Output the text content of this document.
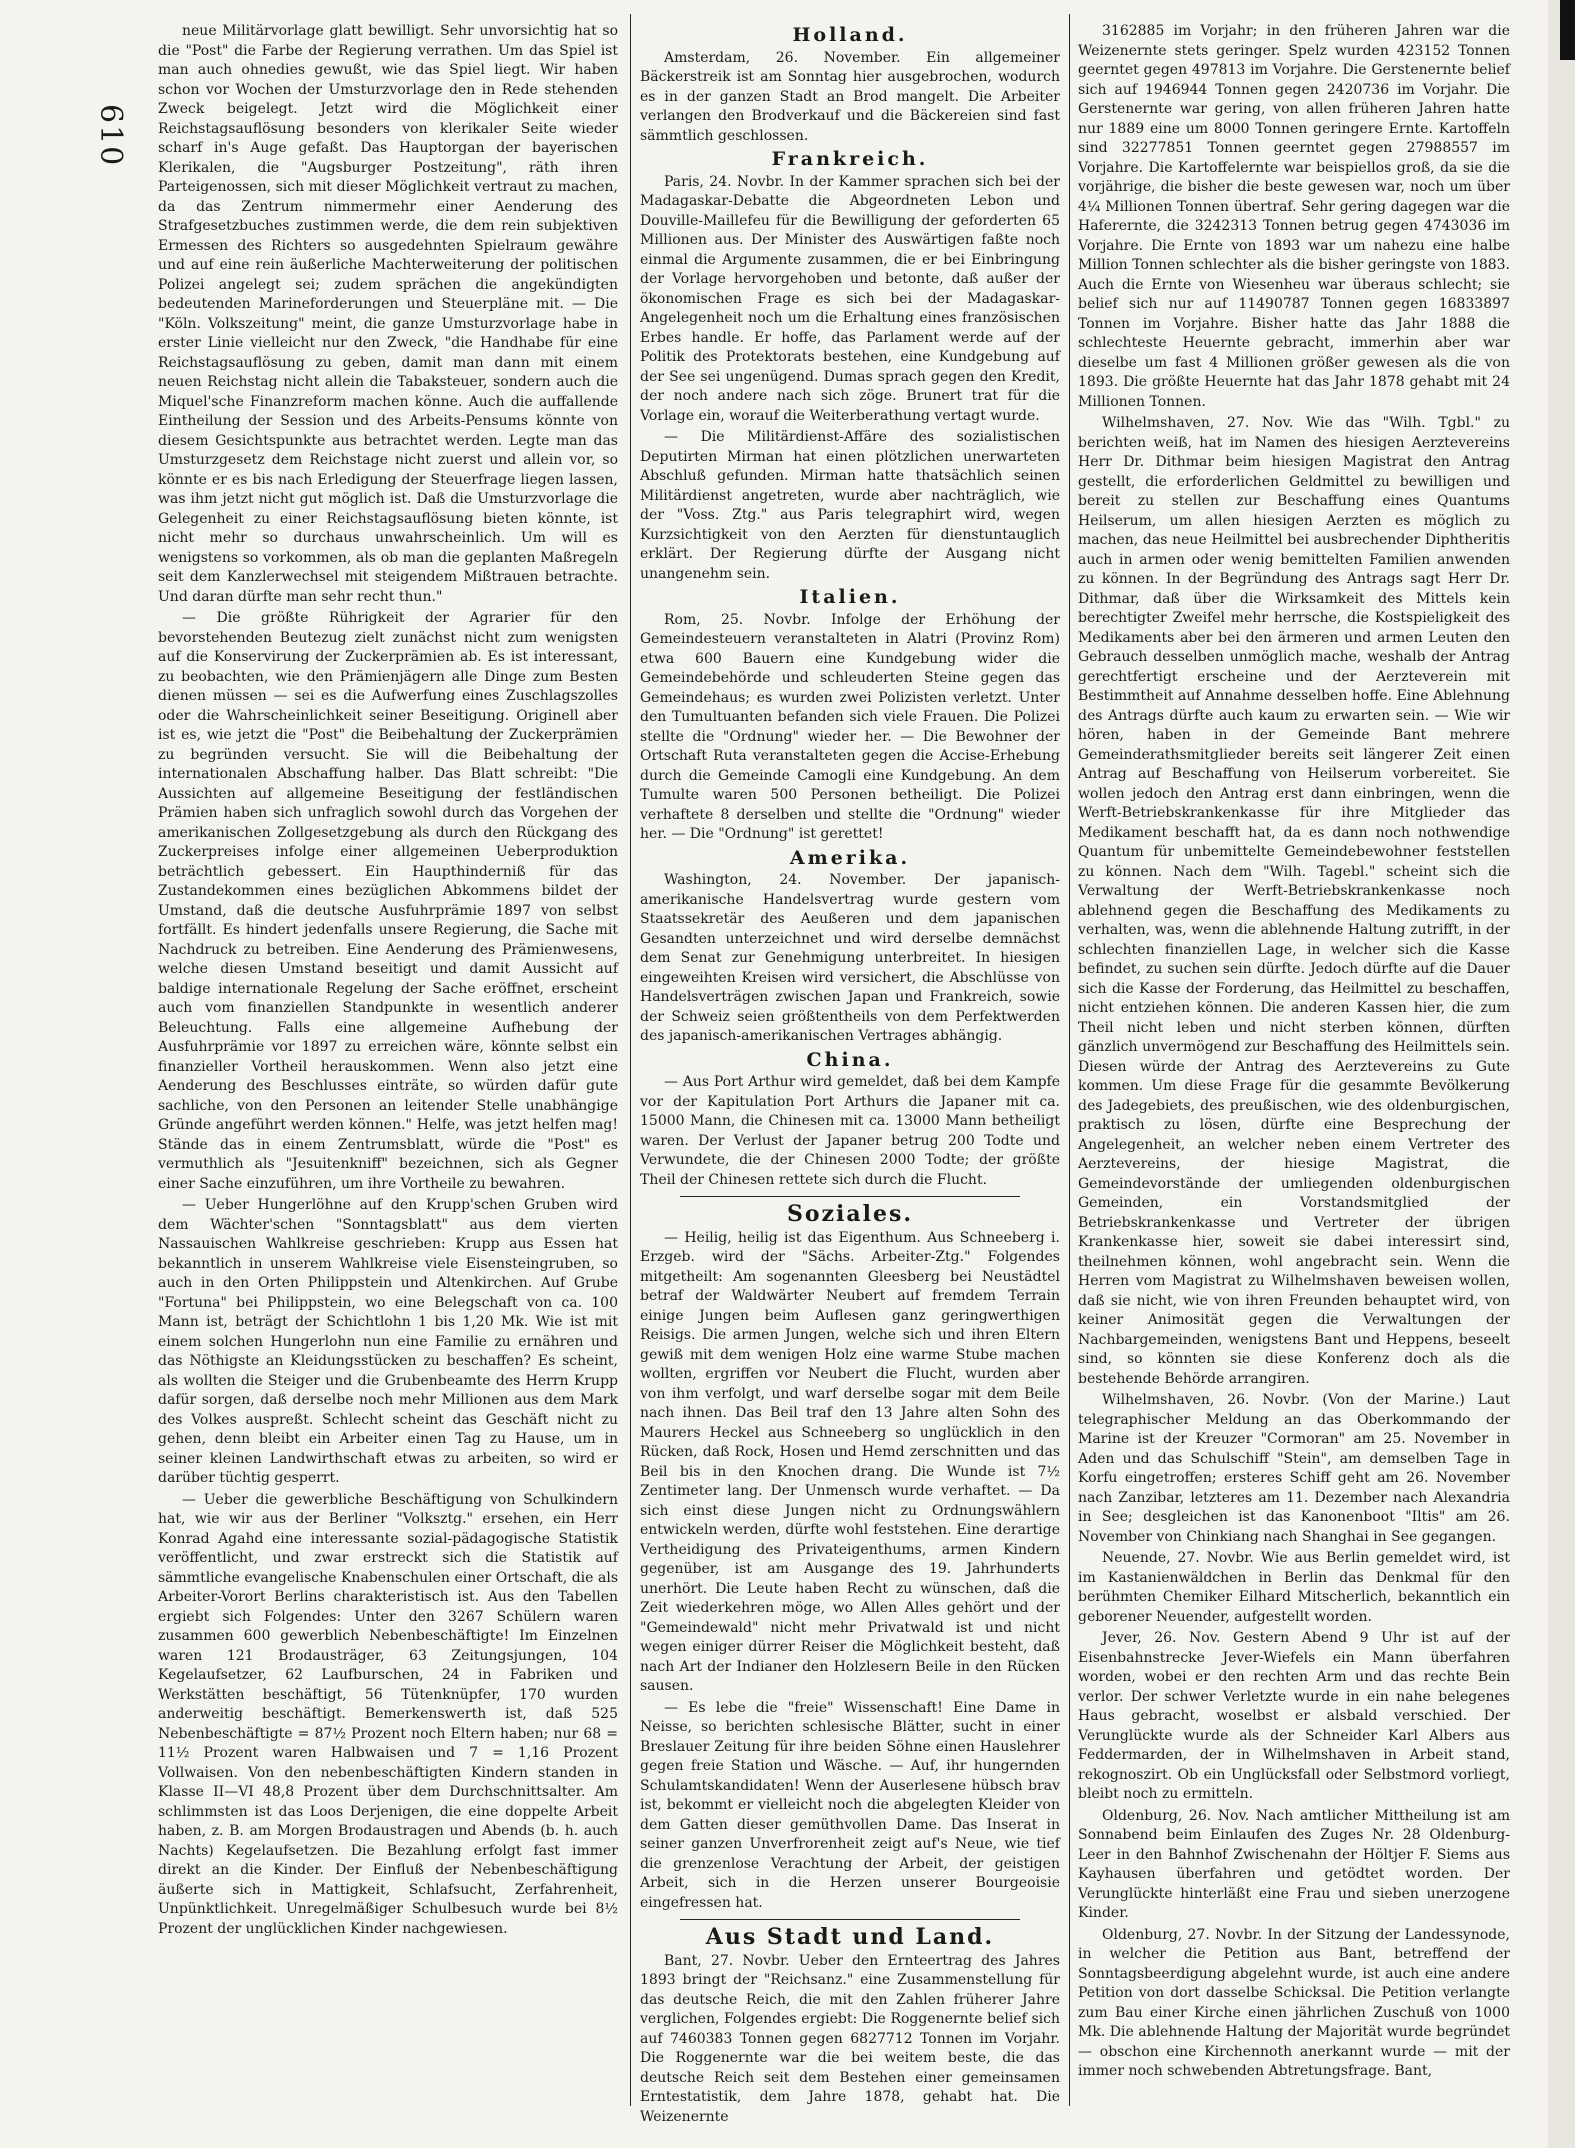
610

neue Militärvorlage glatt bewilligt. Sehr unvorsichtig hat so die "Post" die Farbe der Regierung verrathen. Um das Spiel ist man auch ohnedies gewußt, wie das Spiel liegt. Wir haben schon vor Wochen der Umsturzvorlage den in Rede stehenden Zweck beigelegt. Jetzt wird die Möglichkeit einer Reichstagsauflösung besonders von klerikaler Seite wieder scharf in's Auge gefaßt. Das Hauptorgan der bayerischen Klerikalen, die "Augsburger Postzeitung", räth ihren Parteigenossen, sich mit dieser Möglichkeit vertraut zu machen, da das Zentrum nimmermehr einer Aenderung des Strafgesetzbuches zustimmen werde, die dem rein subjektiven Ermessen des Richters so ausgedehnten Spielraum gewähre und auf eine rein äußerliche Machterweiterung der politischen Polizei angelegt sei; zudem sprächen die angekündigten bedeutenden Marineforderungen und Steuerpläne mit. — Die "Köln. Volkszeitung" meint, die ganze Umsturzvorlage habe in erster Linie vielleicht nur den Zweck, "die Handhabe für eine Reichstagsauflösung zu geben, damit man dann mit einem neuen Reichstag nicht allein die Tabaksteuer, sondern auch die Miquel'sche Finanzreform machen könne. Auch die auffallende Eintheilung der Session und des Arbeits-Pensums könnte von diesem Gesichtspunkte aus betrachtet werden. Legte man das Umsturzgesetz dem Reichstage nicht zuerst und allein vor, so könnte er es bis nach Erledigung der Steuerfrage liegen lassen, was ihm jetzt nicht gut möglich ist. Daß die Umsturzvorlage die Gelegenheit zu einer Reichstagsauflösung bieten könnte, ist nicht mehr so durchaus unwahrscheinlich. Um will es wenigstens so vorkommen, als ob man die geplanten Maßregeln seit dem Kanzlerwechsel mit steigendem Mißtrauen betrachte. Und daran dürfte man sehr recht thun."

— Die größte Rührigkeit der Agrarier für den bevorstehenden Beutezug zielt zunächst nicht zum wenigsten auf die Konservirung der Zuckerprämien ab. Es ist interessant, zu beobachten, wie den Prämienjägern alle Dinge zum Besten dienen müssen — sei es die Aufwerfung eines Zuschlagszolles oder die Wahrscheinlichkeit seiner Beseitigung. Originell aber ist es, wie jetzt die "Post" die Beibehaltung der Zuckerprämien zu begründen versucht. Sie will die Beibehaltung der internationalen Abschaffung halber. Das Blatt schreibt: "Die Aussichten auf allgemeine Beseitigung der festländischen Prämien haben sich unfraglich sowohl durch das Vorgehen der amerikanischen Zollgesetzgebung als durch den Rückgang des Zuckerpreises infolge einer allgemeinen Ueberproduktion beträchtlich gebessert. Ein Haupthinderniß für das Zustandekommen eines bezüglichen Abkommens bildet der Umstand, daß die deutsche Ausfuhrprämie 1897 von selbst fortfällt. Es hindert jedenfalls unsere Regierung, die Sache mit Nachdruck zu betreiben. Eine Aenderung des Prämienwesens, welche diesen Umstand beseitigt und damit Aussicht auf baldige internationale Regelung der Sache eröffnet, erscheint auch vom finanziellen Standpunkte in wesentlich anderer Beleuchtung. Falls eine allgemeine Aufhebung der Ausfuhrprämie vor 1897 zu erreichen wäre, könnte selbst ein finanzieller Vortheil herauskommen. Wenn also jetzt eine Aenderung des Beschlusses einträte, so würden dafür gute sachliche, von den Personen an leitender Stelle unabhängige Gründe angeführt werden können." Helfe, was jetzt helfen mag! Stände das in einem Zentrumsblatt, würde die "Post" es vermuthlich als "Jesuitenkniff" bezeichnen, sich als Gegner einer Sache einzuführen, um ihre Vortheile zu bewahren.

— Ueber Hungerlöhne auf den Krupp'schen Gruben wird dem Wächter'schen "Sonntagsblatt" aus dem vierten Nassauischen Wahlkreise geschrieben: Krupp aus Essen hat bekanntlich in unserem Wahlkreise viele Eisensteingruben, so auch in den Orten Philippstein und Altenkirchen. Auf Grube "Fortuna" bei Philippstein, wo eine Belegschaft von ca. 100 Mann ist, beträgt der Schichtlohn 1 bis 1,20 Mk. Wie ist mit einem solchen Hungerlohn nun eine Familie zu ernähren und das Nöthigste an Kleidungsstücken zu beschaffen? Es scheint, als wollten die Steiger und die Grubenbeamte des Herrn Krupp dafür sorgen, daß derselbe noch mehr Millionen aus dem Mark des Volkes auspreßt. Schlecht scheint das Geschäft nicht zu gehen, denn bleibt ein Arbeiter einen Tag zu Hause, um in seiner kleinen Landwirthschaft etwas zu arbeiten, so wird er darüber tüchtig gesperrt.

— Ueber die gewerbliche Beschäftigung von Schulkindern hat, wie wir aus der Berliner "Volksztg." ersehen, ein Herr Konrad Agahd eine interessante sozial-pädagogische Statistik veröffentlicht, und zwar erstreckt sich die Statistik auf sämmtliche evangelische Knabenschulen einer Ortschaft, die als Arbeiter-Vorort Berlins charakteristisch ist. Aus den Tabellen ergiebt sich Folgendes: Unter den 3267 Schülern waren zusammen 600 gewerblich Nebenbeschäftigte! Im Einzelnen waren 121 Brodausträger, 63 Zeitungsjungen, 104 Kegelaufsetzer, 62 Laufburschen, 24 in Fabriken und Werkstätten beschäftigt, 56 Tütenknüpfer, 170 wurden anderweitig beschäftigt. Bemerkenswerth ist, daß 525 Nebenbeschäftigte = 87½ Prozent noch Eltern haben; nur 68 = 11½ Prozent waren Halbwaisen und 7 = 1,16 Prozent Vollwaisen. Von den nebenbeschäftigten Kindern standen in Klasse II—VI 48,8 Prozent über dem Durchschnittsalter. Am schlimmsten ist das Loos Derjenigen, die eine doppelte Arbeit haben, z. B. am Morgen Brodaustragen und Abends (b. h. auch Nachts) Kegelaufsetzen. Die Bezahlung erfolgt fast immer direkt an die Kinder. Der Einfluß der Nebenbeschäftigung äußerte sich in Mattigkeit, Schlafsucht, Zerfahrenheit, Unpünktlichkeit. Unregelmäßiger Schulbesuch wurde bei 8½ Prozent der unglücklichen Kinder nachgewiesen.

Holland.

Amsterdam, 26. November. Ein allgemeiner Bäckerstreik ist am Sonntag hier ausgebrochen, wodurch es in der ganzen Stadt an Brod mangelt. Die Arbeiter verlangen den Brodverkauf und die Bäckereien sind fast sämmtlich geschlossen.

Frankreich.

Paris, 24. Novbr. In der Kammer sprachen sich bei der Madagaskar-Debatte die Abgeordneten Lebon und Douville-Maillefeu für die Bewilligung der geforderten 65 Millionen aus. Der Minister des Auswärtigen faßte noch einmal die Argumente zusammen, die er bei Einbringung der Vorlage hervorgehoben und betonte, daß außer der ökonomischen Frage es sich bei der Madagaskar-Angelegenheit noch um die Erhaltung eines französischen Erbes handle. Er hoffe, das Parlament werde auf der Politik des Protektorats bestehen, eine Kundgebung auf der See sei ungenügend. Dumas sprach gegen den Kredit, der noch andere nach sich zöge. Brunert trat für die Vorlage ein, worauf die Weiterberathung vertagt wurde.

— Die Militärdienst-Affäre des sozialistischen Deputirten Mirman hat einen plötzlichen unerwarteten Abschluß gefunden. Mirman hatte thatsächlich seinen Militärdienst angetreten, wurde aber nachträglich, wie der "Voss. Ztg." aus Paris telegraphirt wird, wegen Kurzsichtigkeit von den Aerzten für dienstuntauglich erklärt. Der Regierung dürfte der Ausgang nicht unangenehm sein.

Italien.

Rom, 25. Novbr. Infolge der Erhöhung der Gemeindesteuern veranstalteten in Alatri (Provinz Rom) etwa 600 Bauern eine Kundgebung wider die Gemeindebehörde und schleuderten Steine gegen das Gemeindehaus; es wurden zwei Polizisten verletzt. Unter den Tumultuanten befanden sich viele Frauen. Die Polizei stellte die "Ordnung" wieder her. — Die Bewohner der Ortschaft Ruta veranstalteten gegen die Accise-Erhebung durch die Gemeinde Camogli eine Kundgebung. An dem Tumulte waren 500 Personen betheiligt. Die Polizei verhaftete 8 derselben und stellte die "Ordnung" wieder her. — Die "Ordnung" ist gerettet!

Amerika.

Washington, 24. November. Der japanisch-amerikanische Handelsvertrag wurde gestern vom Staatssekretär des Aeußeren und dem japanischen Gesandten unterzeichnet und wird derselbe demnächst dem Senat zur Genehmigung unterbreitet. In hiesigen eingeweihten Kreisen wird versichert, die Abschlüsse von Handelsverträgen zwischen Japan und Frankreich, sowie der Schweiz seien größtentheils von dem Perfektwerden des japanisch-amerikanischen Vertrages abhängig.

China.

— Aus Port Arthur wird gemeldet, daß bei dem Kampfe vor der Kapitulation Port Arthurs die Japaner mit ca. 15000 Mann, die Chinesen mit ca. 13000 Mann betheiligt waren. Der Verlust der Japaner betrug 200 Todte und Verwundete, die der Chinesen 2000 Todte; der größte Theil der Chinesen rettete sich durch die Flucht.

Soziales.

— Heilig, heilig ist das Eigenthum. Aus Schneeberg i. Erzgeb. wird der "Sächs. Arbeiter-Ztg." Folgendes mitgetheilt: Am sogenannten Gleesberg bei Neustädtel betraf der Waldwärter Neubert auf fremdem Terrain einige Jungen beim Auflesen ganz geringwerthigen Reisigs. Die armen Jungen, welche sich und ihren Eltern gewiß mit dem wenigen Holz eine warme Stube machen wollten, ergriffen vor Neubert die Flucht, wurden aber von ihm verfolgt, und warf derselbe sogar mit dem Beile nach ihnen. Das Beil traf den 13 Jahre alten Sohn des Maurers Heckel aus Schneeberg so unglücklich in den Rücken, daß Rock, Hosen und Hemd zerschnitten und das Beil bis in den Knochen drang. Die Wunde ist 7½ Zentimeter lang. Der Unmensch wurde verhaftet. — Da sich einst diese Jungen nicht zu Ordnungswählern entwickeln werden, dürfte wohl feststehen. Eine derartige Vertheidigung des Privateigenthums, armen Kindern gegenüber, ist am Ausgange des 19. Jahrhunderts unerhört. Die Leute haben Recht zu wünschen, daß die Zeit wiederkehren möge, wo Allen Alles gehört und der "Gemeindewald" nicht mehr Privatwald ist und nicht wegen einiger dürrer Reiser die Möglichkeit besteht, daß nach Art der Indianer den Holzlesern Beile in den Rücken sausen.

— Es lebe die "freie" Wissenschaft! Eine Dame in Neisse, so berichten schlesische Blätter, sucht in einer Breslauer Zeitung für ihre beiden Söhne einen Hauslehrer gegen freie Station und Wäsche. — Auf, ihr hungernden Schulamtskandidaten! Wenn der Auserlesene hübsch brav ist, bekommt er vielleicht noch die abgelegten Kleider von dem Gatten dieser gemüthvollen Dame. Das Inserat in seiner ganzen Unverfrorenheit zeigt auf's Neue, wie tief die grenzenlose Verachtung der Arbeit, der geistigen Arbeit, sich in die Herzen unserer Bourgeoisie eingefressen hat.

Aus Stadt und Land.

Bant, 27. Novbr. Ueber den Ernteertrag des Jahres 1893 bringt der "Reichsanz." eine Zusammenstellung für das deutsche Reich, die mit den Zahlen früherer Jahre verglichen, Folgendes ergiebt: Die Roggenernte belief sich auf 7460383 Tonnen gegen 6827712 Tonnen im Vorjahr. Die Roggenernte war die bei weitem beste, die das deutsche Reich seit dem Bestehen einer gemeinsamen Erntestatistik, dem Jahre 1878, gehabt hat. Die Weizenernte

3162885 im Vorjahr; in den früheren Jahren war die Weizenernte stets geringer. Spelz wurden 423152 Tonnen geerntet gegen 497813 im Vorjahre. Die Gerstenernte belief sich auf 1946944 Tonnen gegen 2420736 im Vorjahr. Die Gerstenernte war gering, von allen früheren Jahren hatte nur 1889 eine um 8000 Tonnen geringere Ernte. Kartoffeln sind 32277851 Tonnen geerntet gegen 27988557 im Vorjahre. Die Kartoffelernte war beispiellos groß, da sie die vorjährige, die bisher die beste gewesen war, noch um über 4¼ Millionen Tonnen übertraf. Sehr gering dagegen war die Haferernte, die 3242313 Tonnen betrug gegen 4743036 im Vorjahre. Die Ernte von 1893 war um nahezu eine halbe Million Tonnen schlechter als die bisher geringste von 1883. Auch die Ernte von Wiesenheu war überaus schlecht; sie belief sich nur auf 11490787 Tonnen gegen 16833897 Tonnen im Vorjahre. Bisher hatte das Jahr 1888 die schlechteste Heuernte gebracht, immerhin aber war dieselbe um fast 4 Millionen größer gewesen als die von 1893. Die größte Heuernte hat das Jahr 1878 gehabt mit 24 Millionen Tonnen.

Wilhelmshaven, 27. Nov. Wie das "Wilh. Tgbl." zu berichten weiß, hat im Namen des hiesigen Aerztevereins Herr Dr. Dithmar beim hiesigen Magistrat den Antrag gestellt, die erforderlichen Geldmittel zu bewilligen und bereit zu stellen zur Beschaffung eines Quantums Heilserum, um allen hiesigen Aerzten es möglich zu machen, das neue Heilmittel bei ausbrechender Diphtheritis auch in armen oder wenig bemittelten Familien anwenden zu können. In der Begründung des Antrags sagt Herr Dr. Dithmar, daß über die Wirksamkeit des Mittels kein berechtigter Zweifel mehr herrsche, die Kostspieligkeit des Medikaments aber bei den ärmeren und armen Leuten den Gebrauch desselben unmöglich mache, weshalb der Antrag gerechtfertigt erscheine und der Aerzteverein mit Bestimmtheit auf Annahme desselben hoffe. Eine Ablehnung des Antrags dürfte auch kaum zu erwarten sein. — Wie wir hören, haben in der Gemeinde Bant mehrere Gemeinderathsmitglieder bereits seit längerer Zeit einen Antrag auf Beschaffung von Heilserum vorbereitet. Sie wollen jedoch den Antrag erst dann einbringen, wenn die Werft-Betriebskrankenkasse für ihre Mitglieder das Medikament beschafft hat, da es dann noch nothwendige Quantum für unbemittelte Gemeindebewohner feststellen zu können. Nach dem "Wilh. Tagebl." scheint sich die Verwaltung der Werft-Betriebskrankenkasse noch ablehnend gegen die Beschaffung des Medikaments zu verhalten, was, wenn die ablehnende Haltung zutrifft, in der schlechten finanziellen Lage, in welcher sich die Kasse befindet, zu suchen sein dürfte. Jedoch dürfte auf die Dauer sich die Kasse der Forderung, das Heilmittel zu beschaffen, nicht entziehen können. Die anderen Kassen hier, die zum Theil nicht leben und nicht sterben können, dürften gänzlich unvermögend zur Beschaffung des Heilmittels sein. Diesen würde der Antrag des Aerztevereins zu Gute kommen. Um diese Frage für die gesammte Bevölkerung des Jadegebiets, des preußischen, wie des oldenburgischen, praktisch zu lösen, dürfte eine Besprechung der Angelegenheit, an welcher neben einem Vertreter des Aerztevereins, der hiesige Magistrat, die Gemeindevorstände der umliegenden oldenburgischen Gemeinden, ein Vorstandsmitglied der Betriebskrankenkasse und Vertreter der übrigen Krankenkasse hier, soweit sie dabei interessirt sind, theilnehmen können, wohl angebracht sein. Wenn die Herren vom Magistrat zu Wilhelmshaven beweisen wollen, daß sie nicht, wie von ihren Freunden behauptet wird, von keiner Animosität gegen die Verwaltungen der Nachbargemeinden, wenigstens Bant und Heppens, beseelt sind, so könnten sie diese Konferenz doch als die bestehende Behörde arrangiren.

Wilhelmshaven, 26. Novbr. (Von der Marine.) Laut telegraphischer Meldung an das Oberkommando der Marine ist der Kreuzer "Cormoran" am 25. November in Aden und das Schulschiff "Stein", am demselben Tage in Korfu eingetroffen; ersteres Schiff geht am 26. November nach Zanzibar, letzteres am 11. Dezember nach Alexandria in See; desgleichen ist das Kanonenboot "Iltis" am 26. November von Chinkiang nach Shanghai in See gegangen.

Neuende, 27. Novbr. Wie aus Berlin gemeldet wird, ist im Kastanienwäldchen in Berlin das Denkmal für den berühmten Chemiker Eilhard Mitscherlich, bekanntlich ein geborener Neuender, aufgestellt worden.

Jever, 26. Nov. Gestern Abend 9 Uhr ist auf der Eisenbahnstrecke Jever-Wiefels ein Mann überfahren worden, wobei er den rechten Arm und das rechte Bein verlor. Der schwer Verletzte wurde in ein nahe belegenes Haus gebracht, woselbst er alsbald verschied. Der Verunglückte wurde als der Schneider Karl Albers aus Feddermarden, der in Wilhelmshaven in Arbeit stand, rekognoszirt. Ob ein Unglücksfall oder Selbstmord vorliegt, bleibt noch zu ermitteln.

Oldenburg, 26. Nov. Nach amtlicher Mittheilung ist am Sonnabend beim Einlaufen des Zuges Nr. 28 Oldenburg-Leer in den Bahnhof Zwischenahn der Höltjer F. Siems aus Kayhausen überfahren und getödtet worden. Der Verunglückte hinterläßt eine Frau und sieben unerzogene Kinder.

Oldenburg, 27. Novbr. In der Sitzung der Landessynode, in welcher die Petition aus Bant, betreffend der Sonntagsbeerdigung abgelehnt wurde, ist auch eine andere Petition von dort dasselbe Schicksal. Die Petition verlangte zum Bau einer Kirche einen jährlichen Zuschuß von 1000 Mk. Die ablehnende Haltung der Majorität wurde begründet — obschon eine Kirchennoth anerkannt wurde — mit der immer noch schwebenden Abtretungsfrage. Bant,
